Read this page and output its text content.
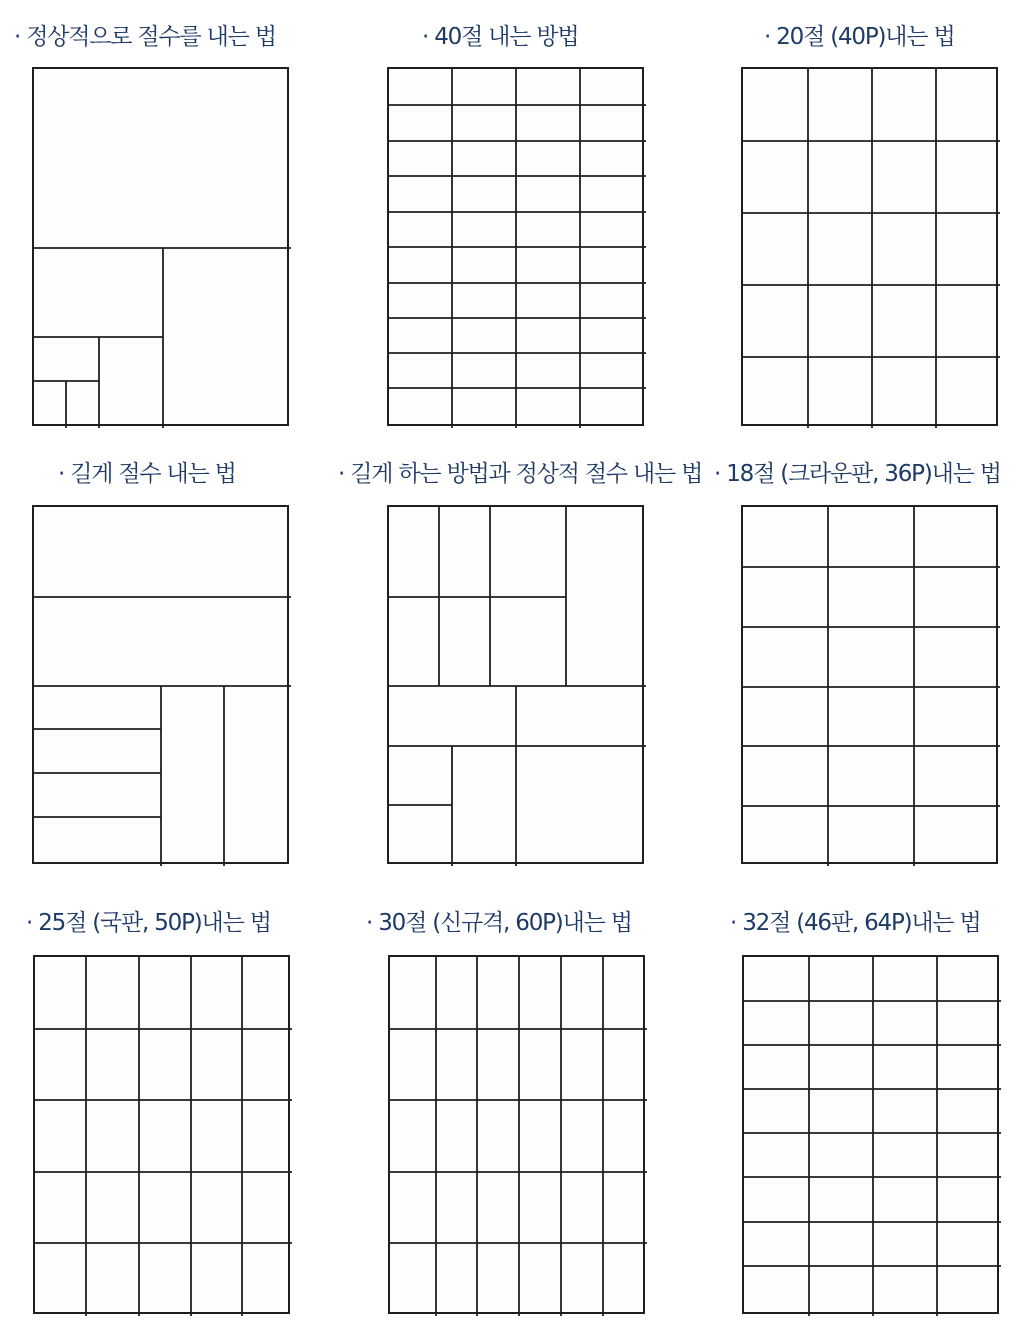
· 정상적으로 절수를 내는 법	· 40절 내는 방법	· 20절 (40P)내는 법
· 길게 절수 내는 법	· 길게 하는 방법과 정상적 절수 내는 법 · 18절 (크라운판, 36P)내는 법
· 25절 (국판, 50P)내는 법	· 30절 (신규격, 60P)내는 법	· 32절 (46판, 64P)내는 법
